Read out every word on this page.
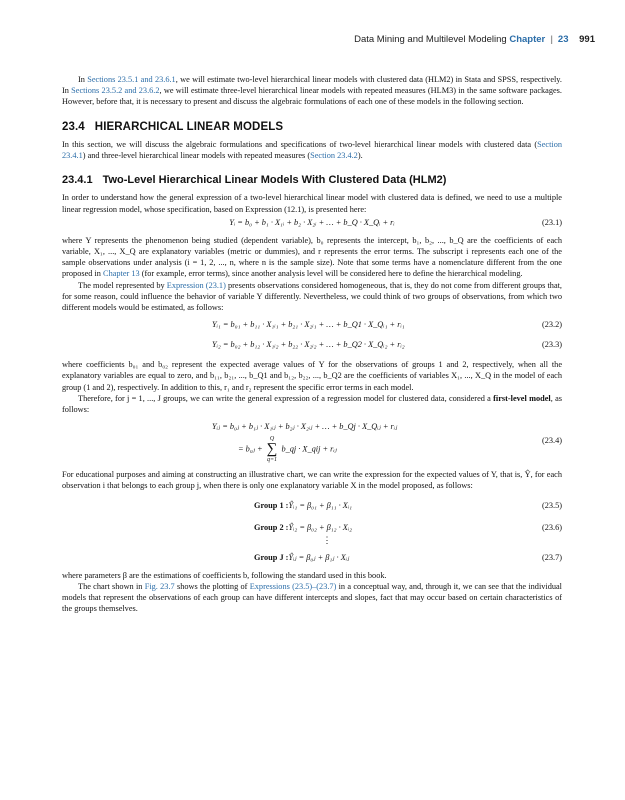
Data Mining and Multilevel Modeling Chapter | 23 991

In Sections 23.5.1 and 23.6.1, we will estimate two-level hierarchical linear models with clustered data (HLM2) in Stata and SPSS, respectively. In Sections 23.5.2 and 23.6.2, we will estimate three-level hierarchical linear models with repeated measures (HLM3) in the same software packages. However, before that, it is necessary to present and discuss the algebraic formulations of each one of these models in the following section.

23.4 HIERARCHICAL LINEAR MODELS

In this section, we will discuss the algebraic formulations and specifications of two-level hierarchical linear models with clustered data (Section 23.4.1) and three-level hierarchical linear models with repeated measures (Section 23.4.2).

23.4.1 Two-Level Hierarchical Linear Models With Clustered Data (HLM2)

In order to understand how the general expression of a two-level hierarchical linear model with clustered data is defined, we need to use a multiple linear regression model, whose specification, based on Expression (12.1), is presented here:

Yᵢ = b₀ + b₁ · X₁ᵢ + b₂ · X₂ᵢ + … + b_Q · X_Qᵢ + rᵢ	(23.1)

where Y represents the phenomenon being studied (dependent variable), b₀ represents the intercept, b₁, b₂, ..., b_Q are the coefficients of each variable, X₁, ..., X_Q are explanatory variables (metric or dummies), and r represents the error terms. The subscript i represents each one of the sample observations under analysis (i = 1, 2, ..., n, where n is the sample size). Note that some terms have a nomenclature different from the one proposed in Chapter 13 (for example, error terms), since another analysis level will be considered here to define the hierarchical modeling.

The model represented by Expression (23.1) presents observations considered homogeneous, that is, they do not come from different groups that, for some reason, could influence the behavior of variable Y differently. Nevertheless, we could think of two groups of observations, from which two different models would be estimated, as follows:

Yᵢ₁ = b₀₁ + b₁₁ · X₁ᵢ₁ + b₂₁ · X₂ᵢ₁ + … + b_Q1 · X_Qᵢ₁ + rᵢ₁	(23.2)
Yᵢ₂ = b₀₂ + b₁₂ · X₁ᵢ₂ + b₂₂ · X₂ᵢ₂ + … + b_Q2 · X_Qᵢ₂ + rᵢ₂	(23.3)

where coefficients b₀₁ and b₀₂ represent the expected average values of Y for the observations of groups 1 and 2, respectively, when all the explanatory variables are equal to zero, and b₁₁, b₂₁, ..., b_Q1 and b₁₂, b₂₂, ..., b_Q2 are the coefficients of variables X₁, ..., X_Q in the model of each group (1 and 2), respectively. In addition to this, r₁ and r₂ represent the specific error terms in each model.

Therefore, for j = 1, ..., J groups, we can write the general expression of a regression model for clustered data, considered a first-level model, as follows:

Yᵢⱼ = b₀ⱼ + b₁ⱼ · X₁ᵢⱼ + b₂ⱼ · X₂ᵢⱼ + … + b_Qj · X_Qᵢⱼ + rᵢⱼ
= b₀ⱼ +
Q
∑
q=1
b_qj · X_qij + rᵢⱼ
(23.4)

For educational purposes and aiming at constructing an illustrative chart, we can write the expression for the expected values of Y, that is, Ŷ, for each observation i that belongs to each group j, when there is only one explanatory variable X in the model proposed, as follows:

Group 1 :Ŷᵢ₁ = β₀₁ + β₁₁ · Xᵢ₁	(23.5)
Group 2 :Ŷᵢ₂ = β₀₂ + β₁₂ · Xᵢ₂	(23.6)
⋮
Group J :Ŷᵢⱼ = β₀ⱼ + β₁ⱼ · Xᵢⱼ	(23.7)

where parameters β are the estimations of coefficients b, following the standard used in this book.

The chart shown in Fig. 23.7 shows the plotting of Expressions (23.5)–(23.7) in a conceptual way, and, through it, we can see that the individual models that represent the observations of each group can have different intercepts and slopes, fact that may occur based on certain characteristics of the groups themselves.
